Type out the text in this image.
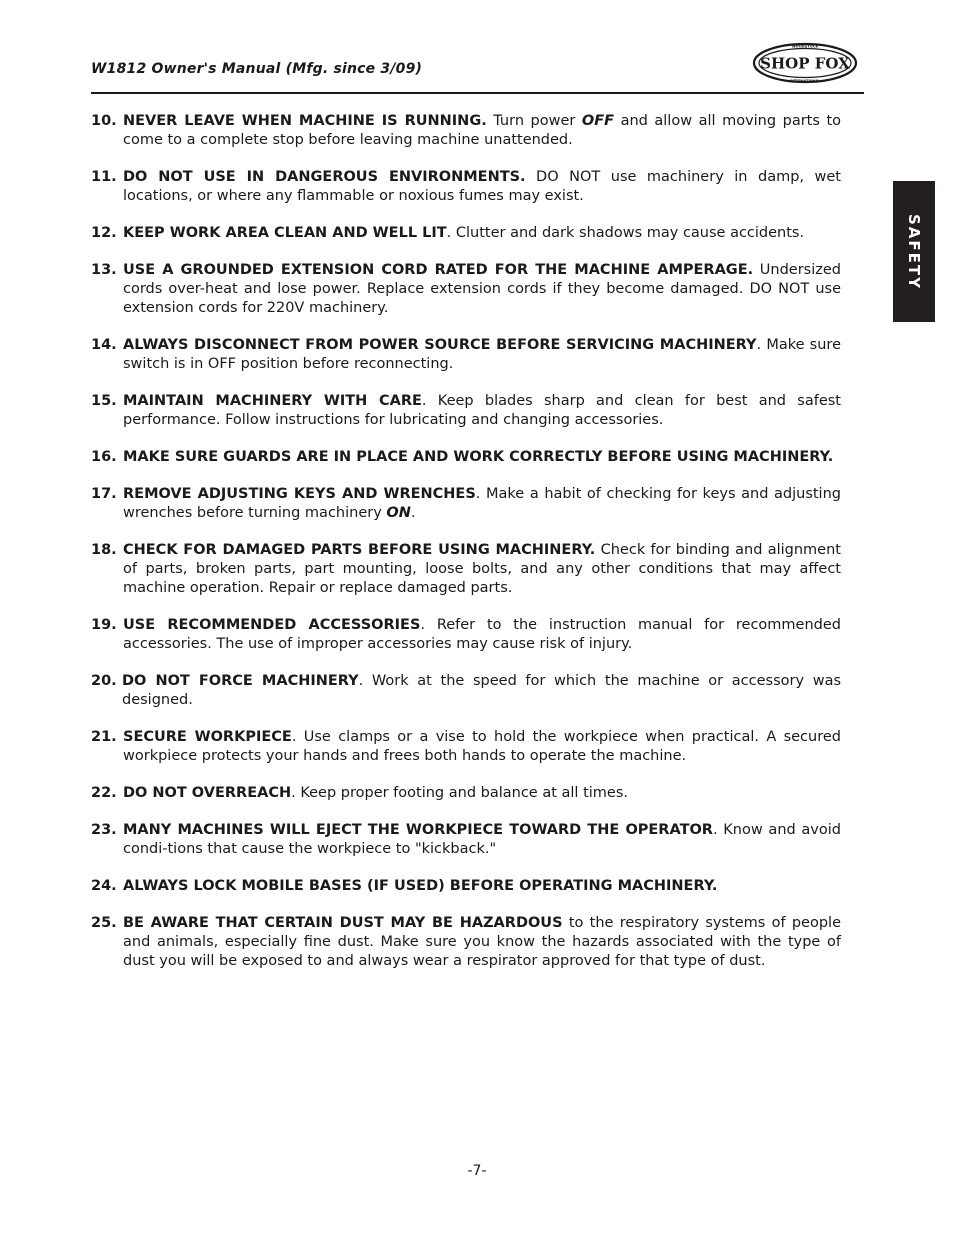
W1812 Owner's Manual (Mfg. since 3/09)
WOODSTOCK
INTERNATIONAL
SHOP FOX
SAFETY
10. NEVER LEAVE WHEN MACHINE IS RUNNING. Turn power OFF and allow all moving parts to come to a complete stop before leaving machine unattended.
11. DO NOT USE IN DANGEROUS ENVIRONMENTS. DO NOT use machinery in damp, wet locations, or where any flammable or noxious fumes may exist.
12. KEEP WORK AREA CLEAN AND WELL LIT. Clutter and dark shadows may cause accidents.
13. USE A GROUNDED EXTENSION CORD RATED FOR THE MACHINE AMPERAGE. Undersized cords over-heat and lose power. Replace extension cords if they become damaged. DO NOT use extension cords for 220V machinery.
14. ALWAYS DISCONNECT FROM POWER SOURCE BEFORE SERVICING MACHINERY. Make sure switch is in OFF position before reconnecting.
15. MAINTAIN MACHINERY WITH CARE. Keep blades sharp and clean for best and safest performance. Follow instructions for lubricating and changing accessories.
16. MAKE SURE GUARDS ARE IN PLACE AND WORK CORRECTLY BEFORE USING MACHINERY.
17. REMOVE ADJUSTING KEYS AND WRENCHES. Make a habit of checking for keys and adjusting wrenches before turning machinery ON.
18. CHECK FOR DAMAGED PARTS BEFORE USING MACHINERY. Check for binding and alignment of parts, broken parts, part mounting, loose bolts, and any other conditions that may affect machine operation. Repair or replace damaged parts.
19. USE RECOMMENDED ACCESSORIES. Refer to the instruction manual for recommended accessories. The use of improper accessories may cause risk of injury.
20. DO NOT FORCE MACHINERY. Work at the speed for which the machine or accessory was designed.
21. SECURE WORKPIECE. Use clamps or a vise to hold the workpiece when practical. A secured workpiece protects your hands and frees both hands to operate the machine.
22. DO NOT OVERREACH. Keep proper footing and balance at all times.
23. MANY MACHINES WILL EJECT THE WORKPIECE TOWARD THE OPERATOR. Know and avoid condi-tions that cause the workpiece to "kickback."
24. ALWAYS LOCK MOBILE BASES (IF USED) BEFORE OPERATING MACHINERY.
25. BE AWARE THAT CERTAIN DUST MAY BE HAZARDOUS to the respiratory systems of people and animals, especially fine dust. Make sure you know the hazards associated with the type of dust you will be exposed to and always wear a respirator approved for that type of dust.
-7-
